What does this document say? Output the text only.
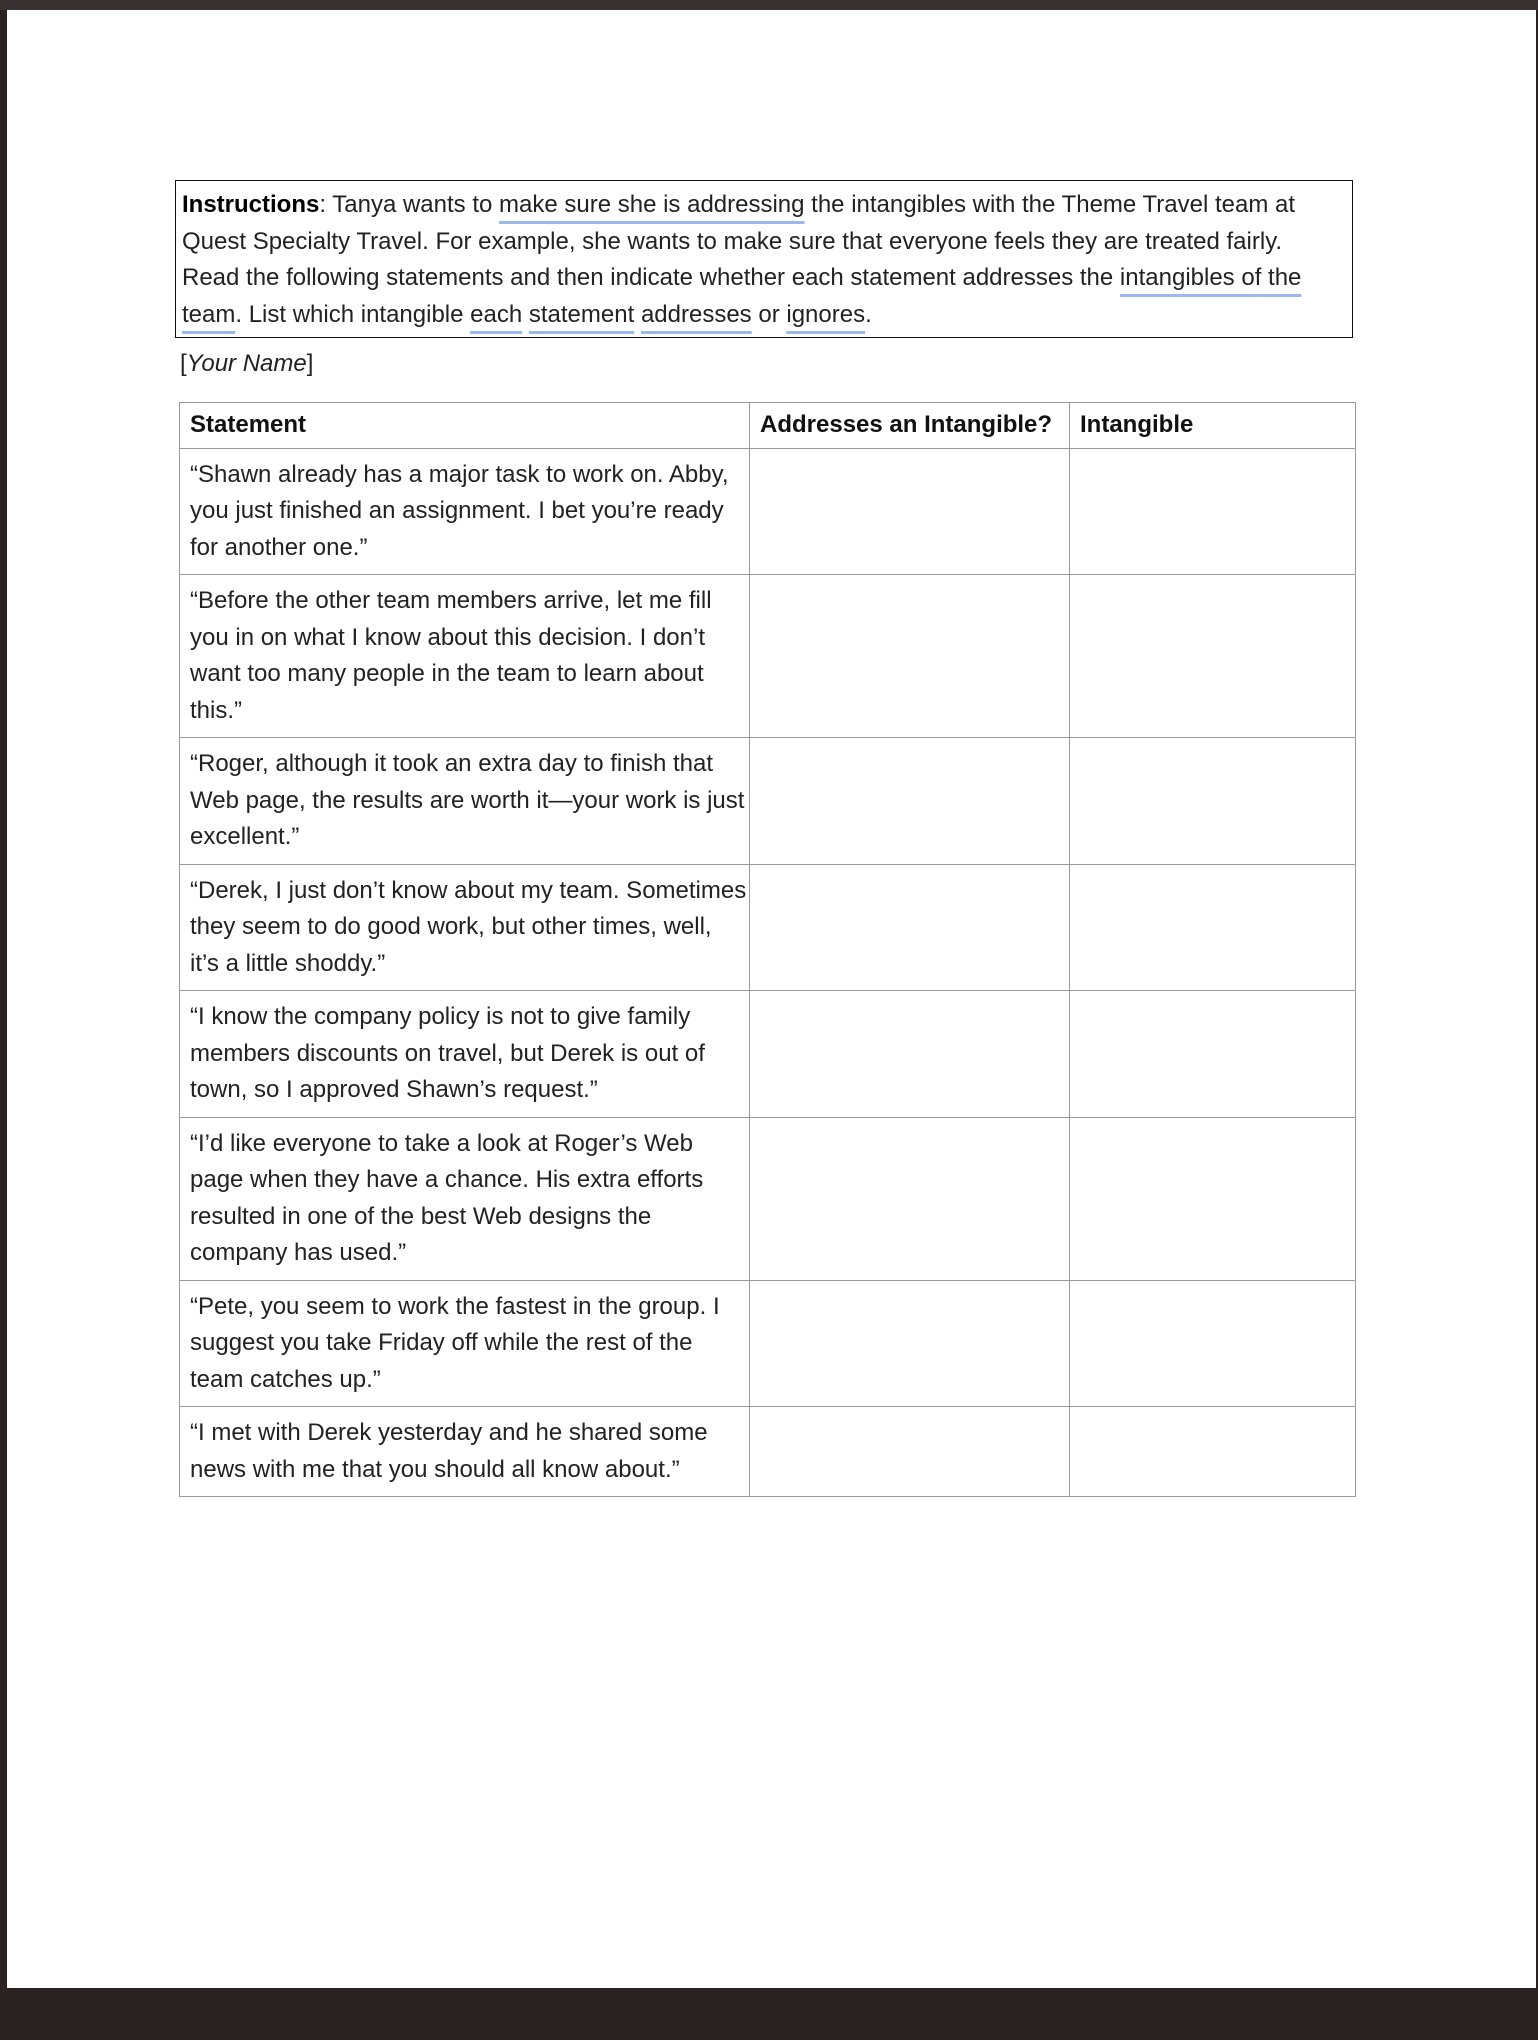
Instructions: Tanya wants to make sure she is addressing the intangibles with the Theme Travel team at Quest Specialty Travel. For example, she wants to make sure that everyone feels they are treated fairly. Read the following statements and then indicate whether each statement addresses the intangibles of the team. List which intangible each statement addresses or ignores.
[Your Name]
Statement	Addresses an Intangible?	Intangible
“Shawn already has a major task to work on. Abby, you just finished an assignment. I bet you’re ready for another one.”		
“Before the other team members arrive, let me fill you in on what I know about this decision. I don’t want too many people in the team to learn about this.”		
“Roger, although it took an extra day to finish that Web page, the results are worth it—your work is just excellent.”		
“Derek, I just don’t know about my team. Sometimes they seem to do good work, but other times, well, it’s a little shoddy.”		
“I know the company policy is not to give family members discounts on travel, but Derek is out of town, so I approved Shawn’s request.”		
“I’d like everyone to take a look at Roger’s Web page when they have a chance. His extra efforts resulted in one of the best Web designs the company has used.”		
“Pete, you seem to work the fastest in the group. I suggest you take Friday off while the rest of the team catches up.”		
“I met with Derek yesterday and he shared some news with me that you should all know about.”		
